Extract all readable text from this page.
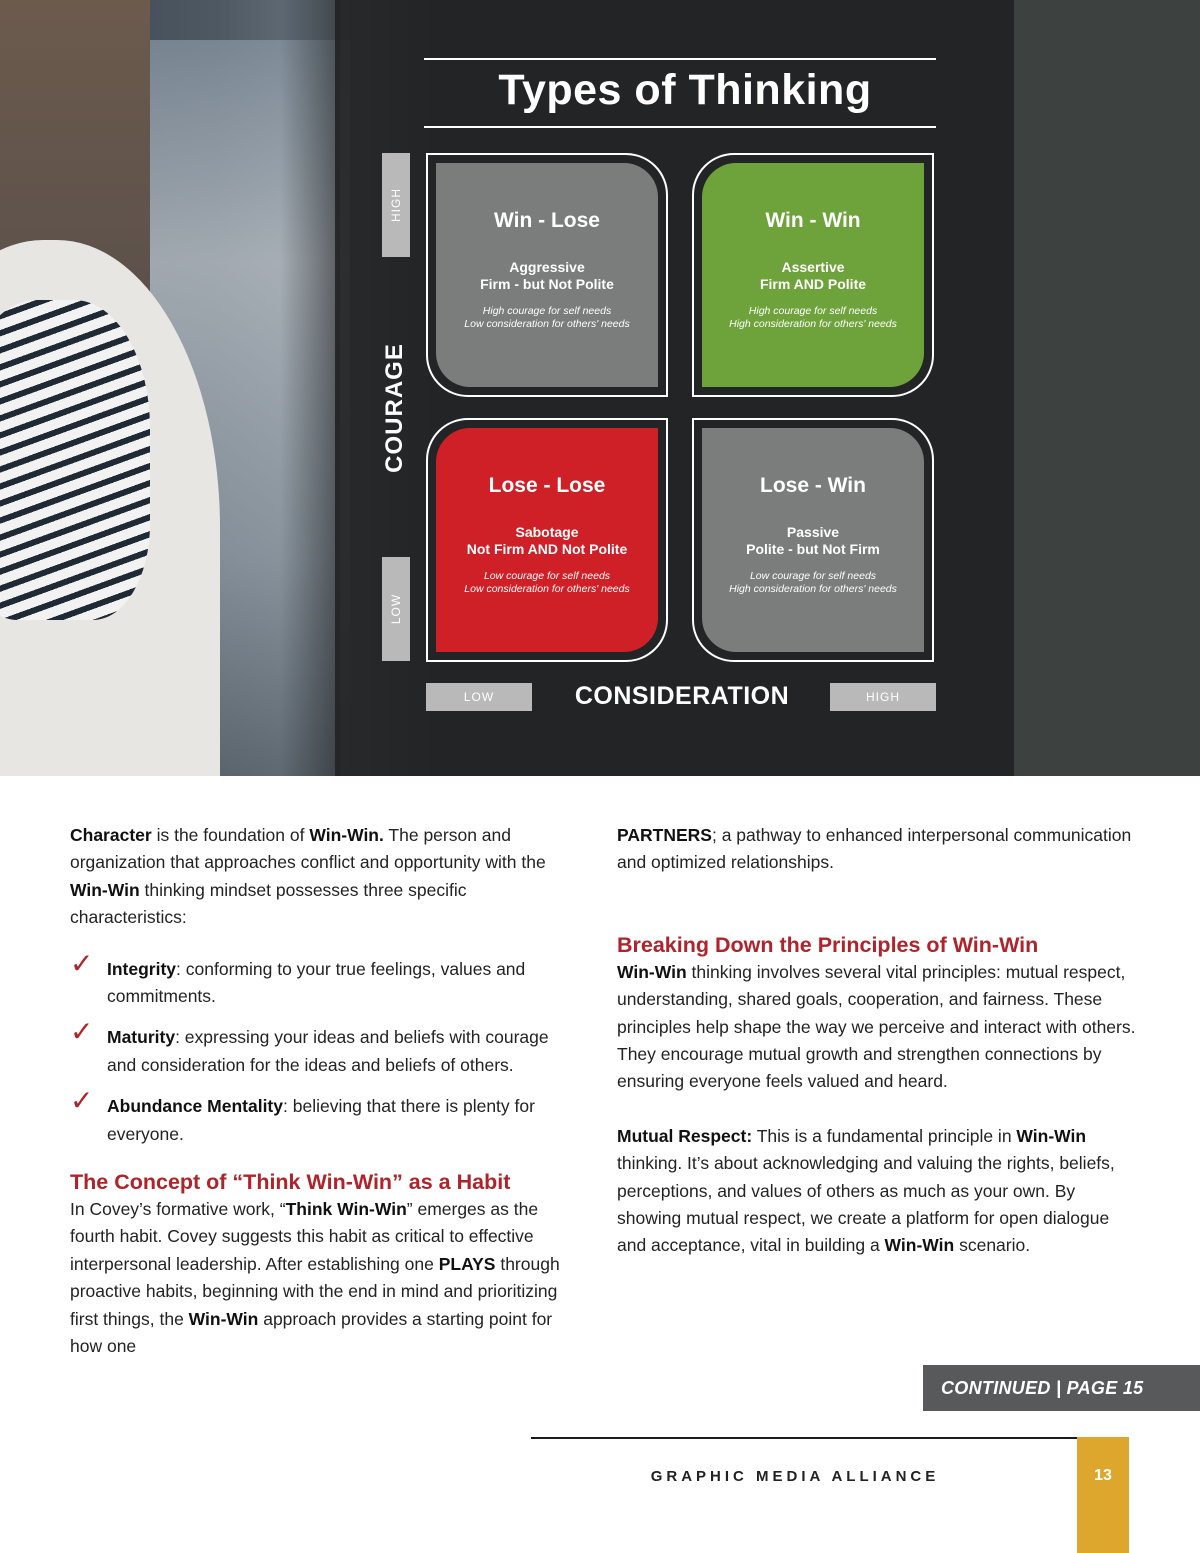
Types of Thinking
HIGH
LOW
COURAGE
Win - Lose
Aggressive
Firm - but Not Polite
High courage for self needs
Low consideration for others' needs
Win - Win
Assertive
Firm AND Polite
High courage for self needs
High consideration for others' needs
Lose - Lose
Sabotage
Not Firm AND Not Polite
Low courage for self needs
Low consideration for others' needs
Lose - Win
Passive
Polite - but Not Firm
Low courage for self needs
High consideration for others' needs
LOW	CONSIDERATION	HIGH

Character is the foundation of Win-Win. The person and organization that approaches conflict and opportunity with the Win-Win thinking mindset possesses three specific characteristics:

✓ Integrity: conforming to your true feelings, values and commitments.
✓ Maturity: expressing your ideas and beliefs with courage and consideration for the ideas and beliefs of others.
✓ Abundance Mentality: believing that there is plenty for everyone.
The Concept of “Think Win-Win” as a Habit

In Covey’s formative work, “Think Win-Win” emerges as the fourth habit. Covey suggests this habit as critical to effective interpersonal leadership. After establishing one PLAYS through proactive habits, beginning with the end in mind and prioritizing first things, the Win-Win approach provides a starting point for how one

PARTNERS; a pathway to enhanced interpersonal communication and optimized relationships.

Breaking Down the Principles of Win-Win

Win-Win thinking involves several vital principles: mutual respect, understanding, shared goals, cooperation, and fairness. These principles help shape the way we perceive and interact with others. They encourage mutual growth and strengthen connections by ensuring everyone feels valued and heard.

Mutual Respect: This is a fundamental principle in Win-Win thinking. It’s about acknowledging and valuing the rights, beliefs, perceptions, and values of others as much as your own. By showing mutual respect, we create a platform for open dialogue and acceptance, vital in building a Win-Win scenario.

CONTINUED | PAGE 15
GRAPHIC MEDIA ALLIANCE	13
